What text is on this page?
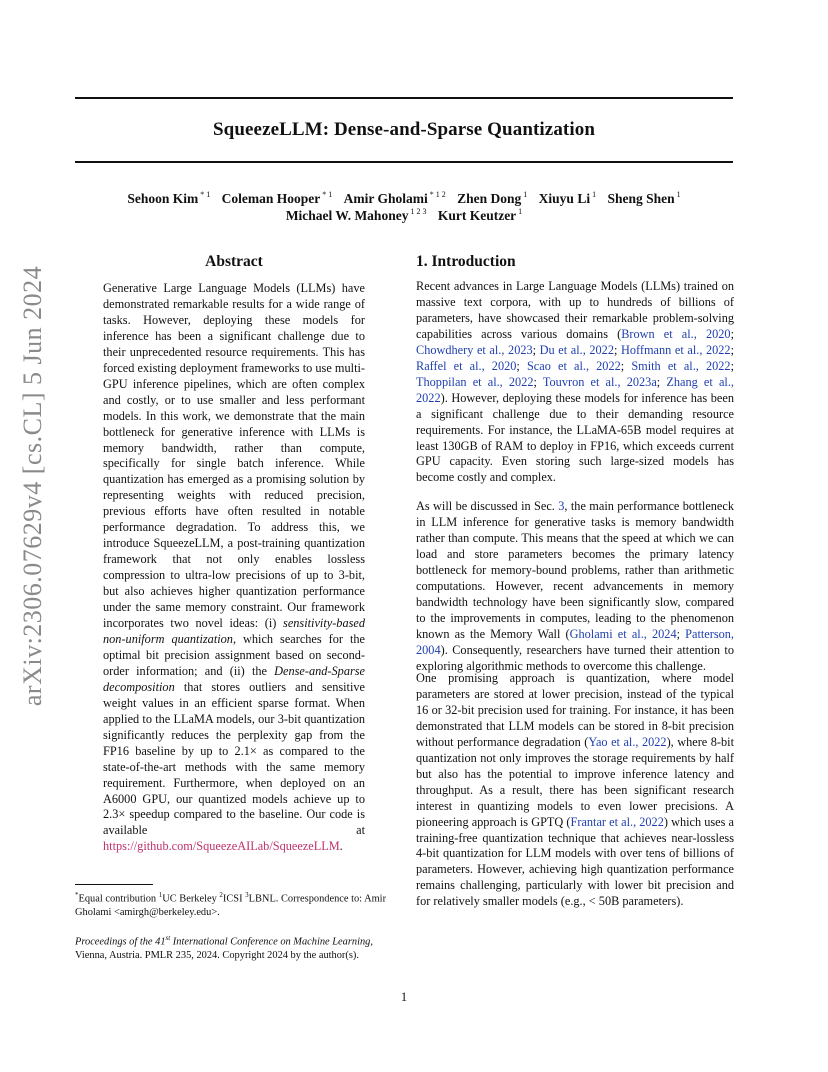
SqueezeLLM: Dense-and-Sparse Quantization
Sehoon Kim $^{* 1}$ Coleman Hooper $^{* 1}$ Amir Gholami $^{* 1 2}$ Zhen Dong $^1$ Xiuyu Li $^1$ Sheng Shen $^1$
Michael W. Mahoney $^{1 2 3}$ Kurt Keutzer $^1$
arXiv:2306.07629v4 [cs.CL] 5 Jun 2024
Abstract
Generative Large Language Models (LLMs) have demonstrated remarkable results for a wide range of tasks. However, deploying these models for inference has been a significant challenge due to their unprecedented resource requirements. This has forced existing deployment frameworks to use multi-GPU inference pipelines, which are often complex and costly, or to use smaller and less performant models. In this work, we demonstrate that the main bottleneck for generative inference with LLMs is memory bandwidth, rather than compute, specifically for single batch inference. While quantization has emerged as a promising solution by representing weights with reduced precision, previous efforts have often resulted in notable performance degradation. To address this, we introduce SqueezeLLM, a post-training quantization framework that not only enables lossless compression to ultra-low precisions of up to 3-bit, but also achieves higher quantization performance under the same memory constraint. Our framework incorporates two novel ideas: (i) sensitivity-based non-uniform quantization, which searches for the optimal bit precision assignment based on second-order information; and (ii) the Dense-and-Sparse decomposition that stores outliers and sensitive weight values in an efficient sparse format. When applied to the LLaMA models, our 3-bit quantization significantly reduces the perplexity gap from the FP16 baseline by up to 2.1× as compared to the state-of-the-art methods with the same memory requirement. Furthermore, when deployed on an A6000 GPU, our quantized models achieve up to 2.3× speedup compared to the baseline. Our code is available at https://github.com/SqueezeAILab/SqueezeLLM.
1. Introduction
Recent advances in Large Language Models (LLMs) trained on massive text corpora, with up to hundreds of billions of parameters, have showcased their remarkable problem-solving capabilities across various domains (Brown et al., 2020; Chowdhery et al., 2023; Du et al., 2022; Hoffmann et al., 2022; Raffel et al., 2020; Scao et al., 2022; Smith et al., 2022; Thoppilan et al., 2022; Touvron et al., 2023a; Zhang et al., 2022). However, deploying these models for inference has been a significant challenge due to their demanding resource requirements. For instance, the LLaMA-65B model requires at least 130GB of RAM to deploy in FP16, which exceeds current GPU capacity. Even storing such large-sized models has become costly and complex.
As will be discussed in Sec. 3, the main performance bottleneck in LLM inference for generative tasks is memory bandwidth rather than compute. This means that the speed at which we can load and store parameters becomes the primary latency bottleneck for memory-bound problems, rather than arithmetic computations. However, recent advancements in memory bandwidth technology have been significantly slow, compared to the improvements in computes, leading to the phenomenon known as the Memory Wall (Gholami et al., 2024; Patterson, 2004). Consequently, researchers have turned their attention to exploring algorithmic methods to overcome this challenge.
One promising approach is quantization, where model parameters are stored at lower precision, instead of the typical 16 or 32-bit precision used for training. For instance, it has been demonstrated that LLM models can be stored in 8-bit precision without performance degradation (Yao et al., 2022), where 8-bit quantization not only improves the storage requirements by half but also has the potential to improve inference latency and throughput. As a result, there has been significant research interest in quantizing models to even lower precisions. A pioneering approach is GPTQ (Frantar et al., 2022) which uses a training-free quantization technique that achieves near-lossless 4-bit quantization for LLM models with over tens of billions of parameters. However, achieving high quantization performance remains challenging, particularly with lower bit precision and for relatively smaller models (e.g., < 50B parameters).
*Equal contribution $^1$UC Berkeley $^2$ICSI $^3$LBNL. Correspondence to: Amir Gholami <amirgh@berkeley.edu>.
Proceedings of the 41st International Conference on Machine Learning, Vienna, Austria. PMLR 235, 2024. Copyright 2024 by the author(s).
1
